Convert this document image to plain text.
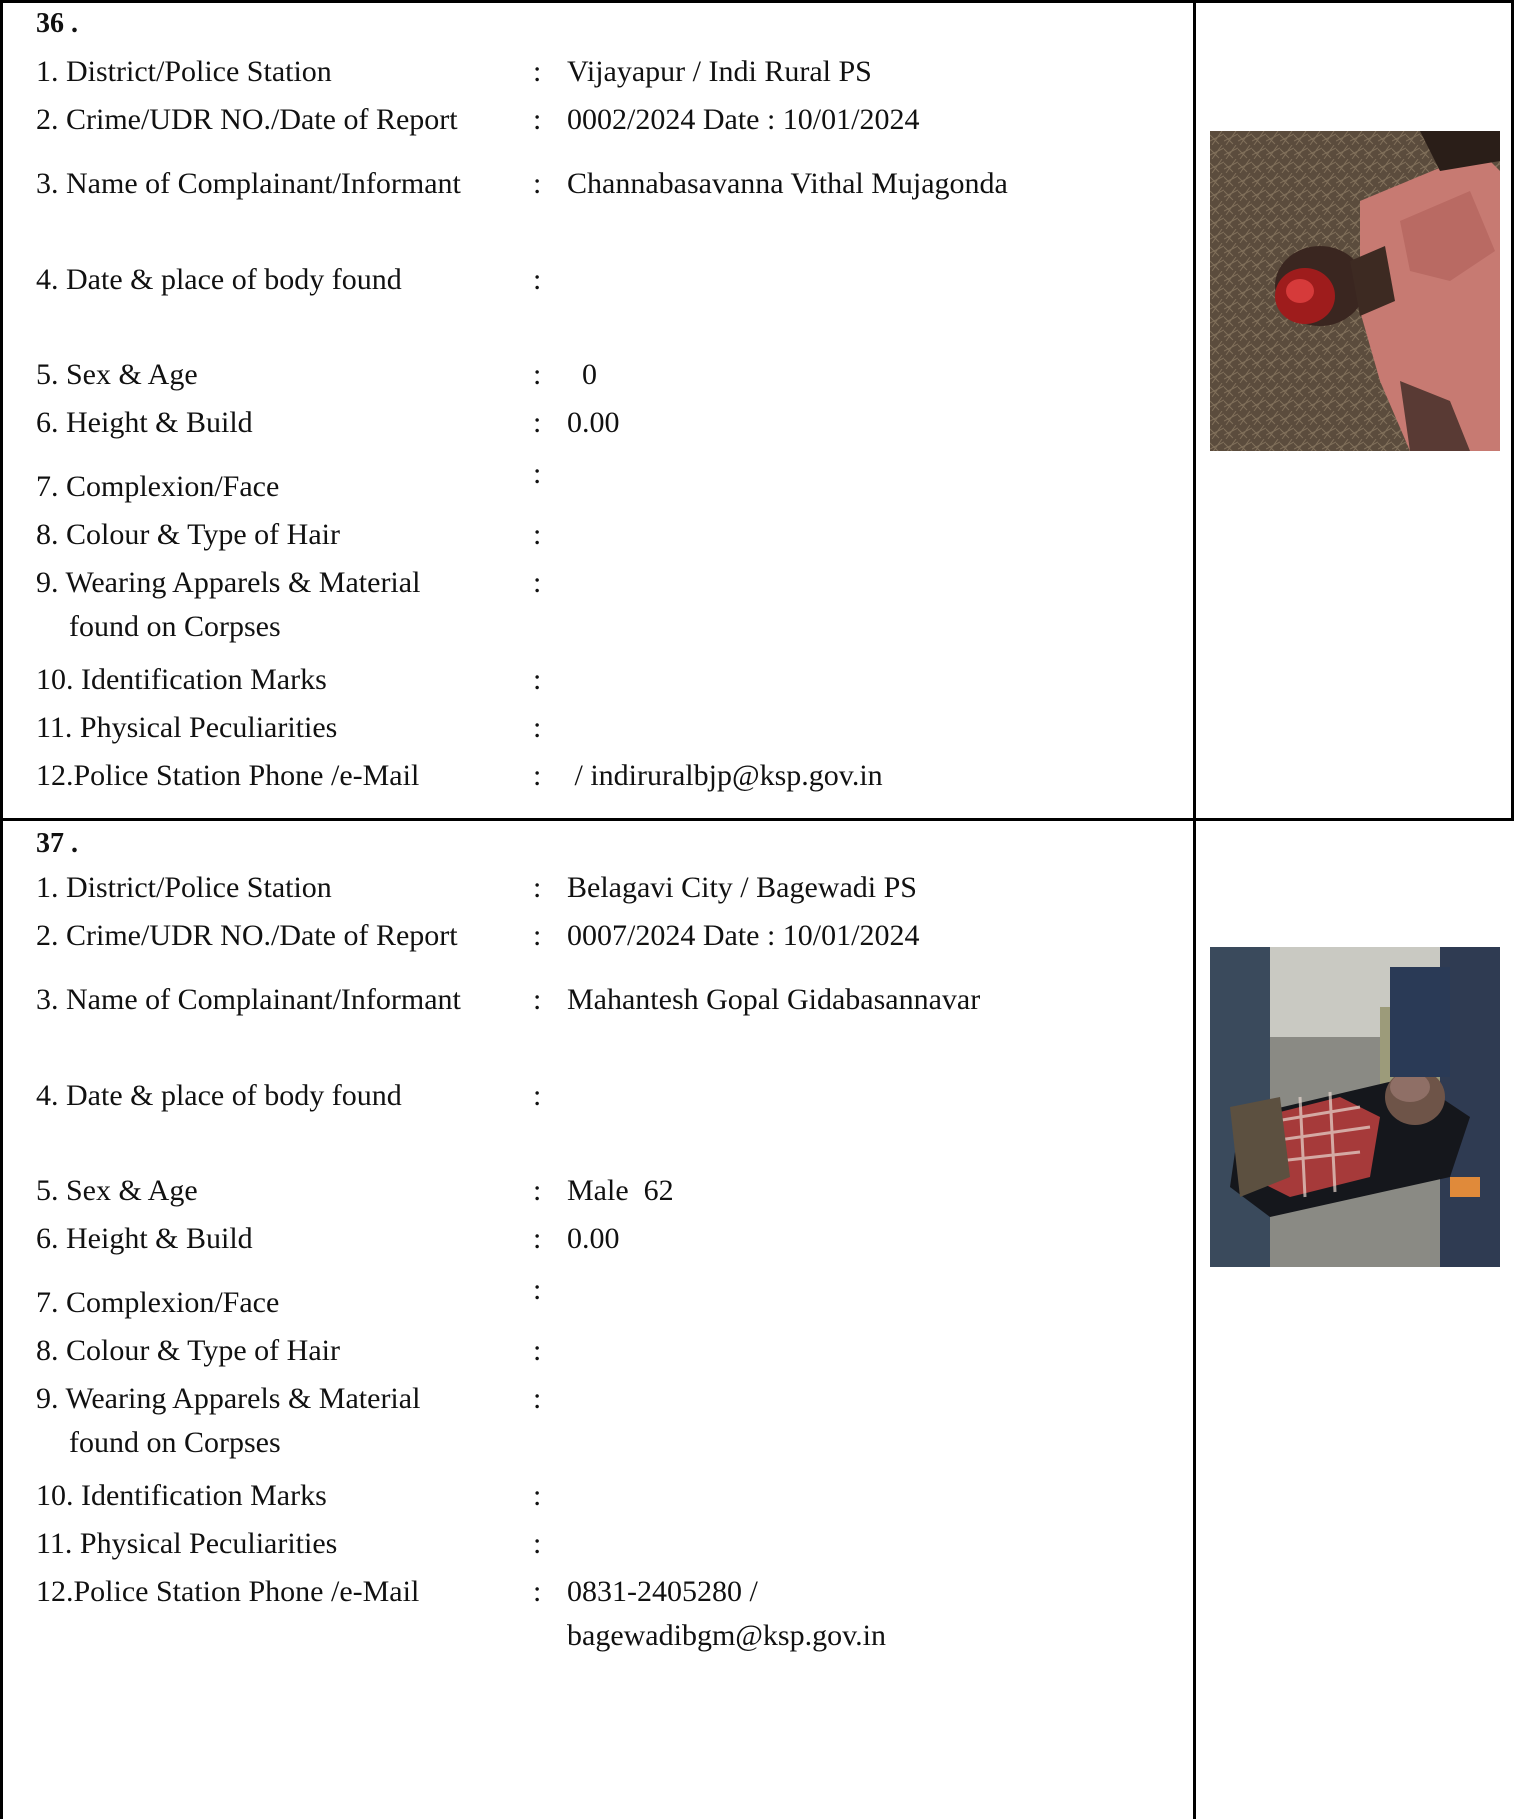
36 .
1. District/Police Station	: Vijayapur / Indi Rural PS
2. Crime/UDR NO./Date of Report	: 0002/2024 Date : 10/01/2024
3. Name of Complainant/Informant : Channabasavanna Vithal Mujagonda
4. Date & place of body found	:
5. Sex & Age	: 0
6. Height & Build	: 0.00
7. Complexion/Face	:
8. Colour & Type of Hair	:
9. Wearing Apparels & Material
found on Corpses
:
10. Identification Marks	:
11. Physical Peculiarities	:
12.Police Station Phone /e-Mail	: / indiruralbjp@ksp.gov.in
37 .
1. District/Police Station	: Belagavi City / Bagewadi PS
2. Crime/UDR NO./Date of Report	: 0007/2024 Date : 10/01/2024
3. Name of Complainant/Informant : Mahantesh Gopal Gidabasannavar
4. Date & place of body found	:
5. Sex & Age	: Male  62
6. Height & Build	: 0.00
7. Complexion/Face	:
8. Colour & Type of Hair	:
9. Wearing Apparels & Material
found on Corpses
:
10. Identification Marks	:
11. Physical Peculiarities	:
12.Police Station Phone /e-Mail	: 0831-2405280 /
bagewadibgm@ksp.gov.in
